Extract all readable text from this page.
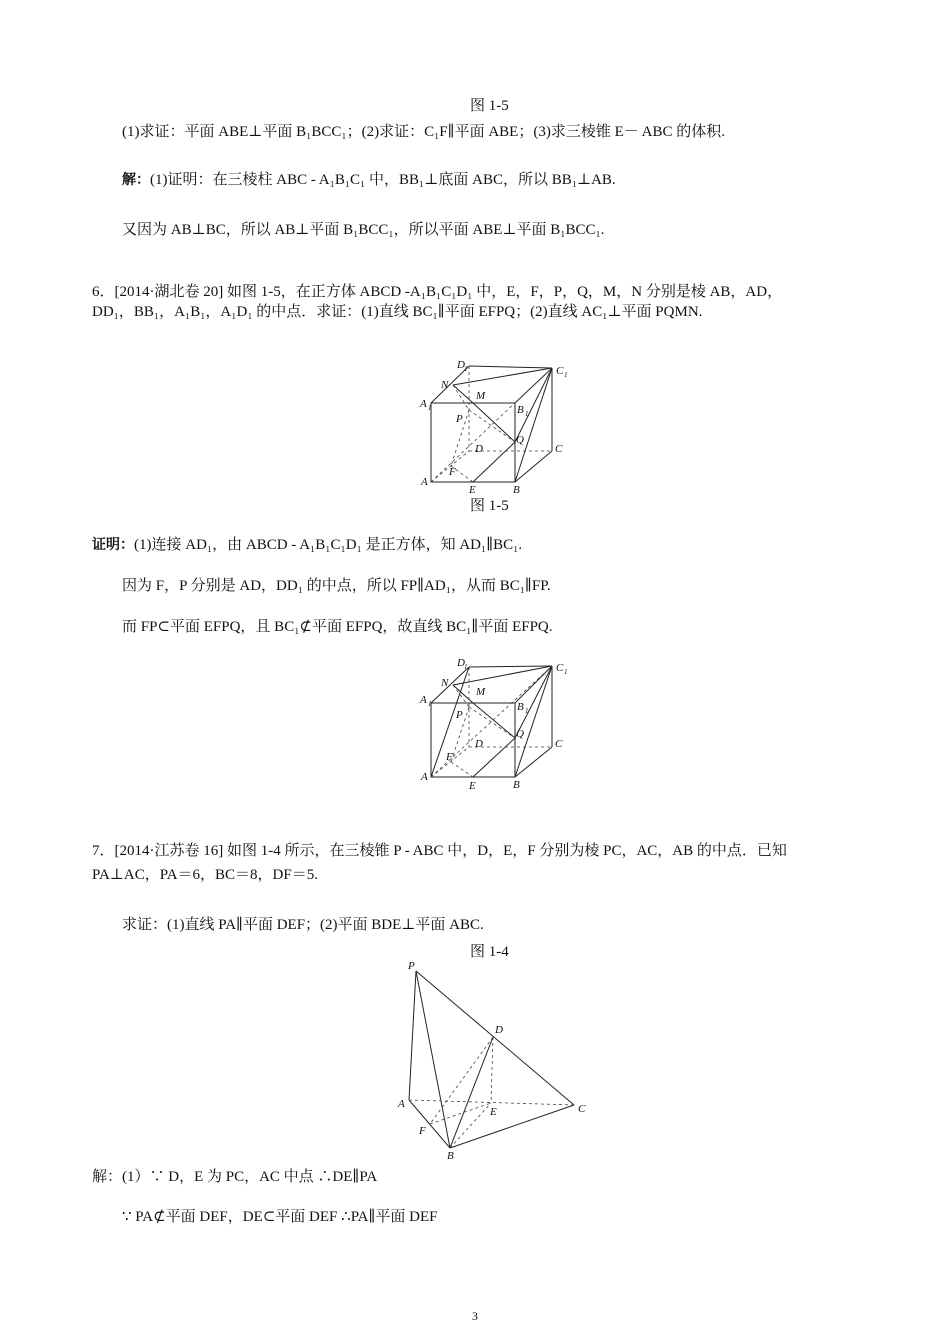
图 1-5
(1)求证：平面 ABE⊥平面 B₁BCC₁；(2)求证：C₁F∥平面 ABE；(3)求三棱锥 E－ ABC 的体积.
解：(1)证明：在三棱柱 ABC - A₁B₁C₁ 中，BB₁⊥底面 ABC，所以 BB₁⊥AB.
又因为 AB⊥BC，所以 AB⊥平面 B₁BCC₁，所以平面 ABE⊥平面 B₁BCC₁.
6．[2014·湖北卷 20] 如图 1-5，在正方体 ABCD -A₁B₁C₁D₁ 中，E，F，P，Q，M，N 分别是棱 AB，AD，
DD₁，BB₁，A₁B₁，A₁D₁ 的中点．求证：(1)直线 BC₁∥平面 EFPQ；(2)直线 AC₁⊥平面 PQMN.
D 1	C 1
N
M
A 1	B 1
P
Q
D	C
F
A
E	B
图 1-5
证明：(1)连接 AD₁，由 ABCD - A₁B₁C₁D₁ 是正方体，知 AD₁∥BC₁.
因为 F，P 分别是 AD，DD₁ 的中点，所以 FP∥AD₁，从而 BC₁∥FP.
而 FP⊂平面 EFPQ，且 BC₁⊄平面 EFPQ，故直线 BC₁∥平面 EFPQ.
D 1	C 1
N
M
A 1	B 1
P
Q
D	C
F
A
E	B
7．[2014·江苏卷 16] 如图 1-4 所示，在三棱锥 P - ABC 中，D，E，F 分别为棱 PC，AC，AB 的中点．已知
PA⊥AC，PA＝6，BC＝8，DF＝5.
求证：(1)直线 PA∥平面 DEF；(2)平面 BDE⊥平面 ABC.
图 1-4
P
D
A
E	C
F
B
解：(1）∵ D，E 为 PC，AC 中点 ∴DE∥PA
∵ PA⊄平面 DEF，DE⊂平面 DEF ∴PA∥平面 DEF
3
